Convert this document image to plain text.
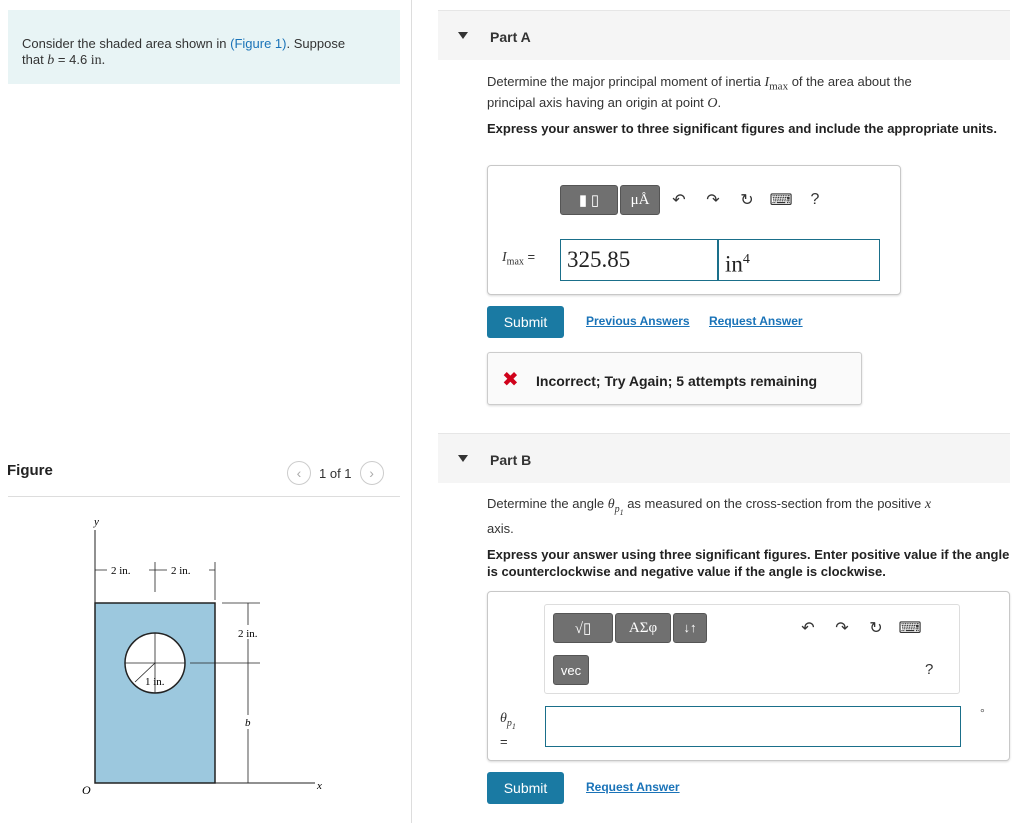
Consider the shaded area shown in (Figure 1). Suppose
that b = 4.6 in.
Figure	‹ 1 of 1 ›
y
x
O
1 in.
2 in.	2 in.
2 in.
b
Part A
Determine the major principal moment of inertia $I_{max}$ of the area about the
principal axis having an origin at point O.
Express your answer to three significant figures and include the appropriate units.
▮ ▯ μÅ ↶ ↷ ↻ ⌨ ?
$I_{max}$ =	325.85	$in^4$
Submit	Previous Answers Request Answer
✖ Incorrect; Try Again; 5 attempts remaining
Part B
Determine the angle $\theta_{p_1}$ as measured on the cross-section from the positive x
axis.
Express your answer using three significant figures. Enter positive value if the angle is counterclockwise and negative value if the angle is clockwise.
√▯	ΑΣφ ↓↑	↶ ↷ ↻ ⌨
vec	?
$\theta_{p_1}$
=
°
Submit	Request Answer
